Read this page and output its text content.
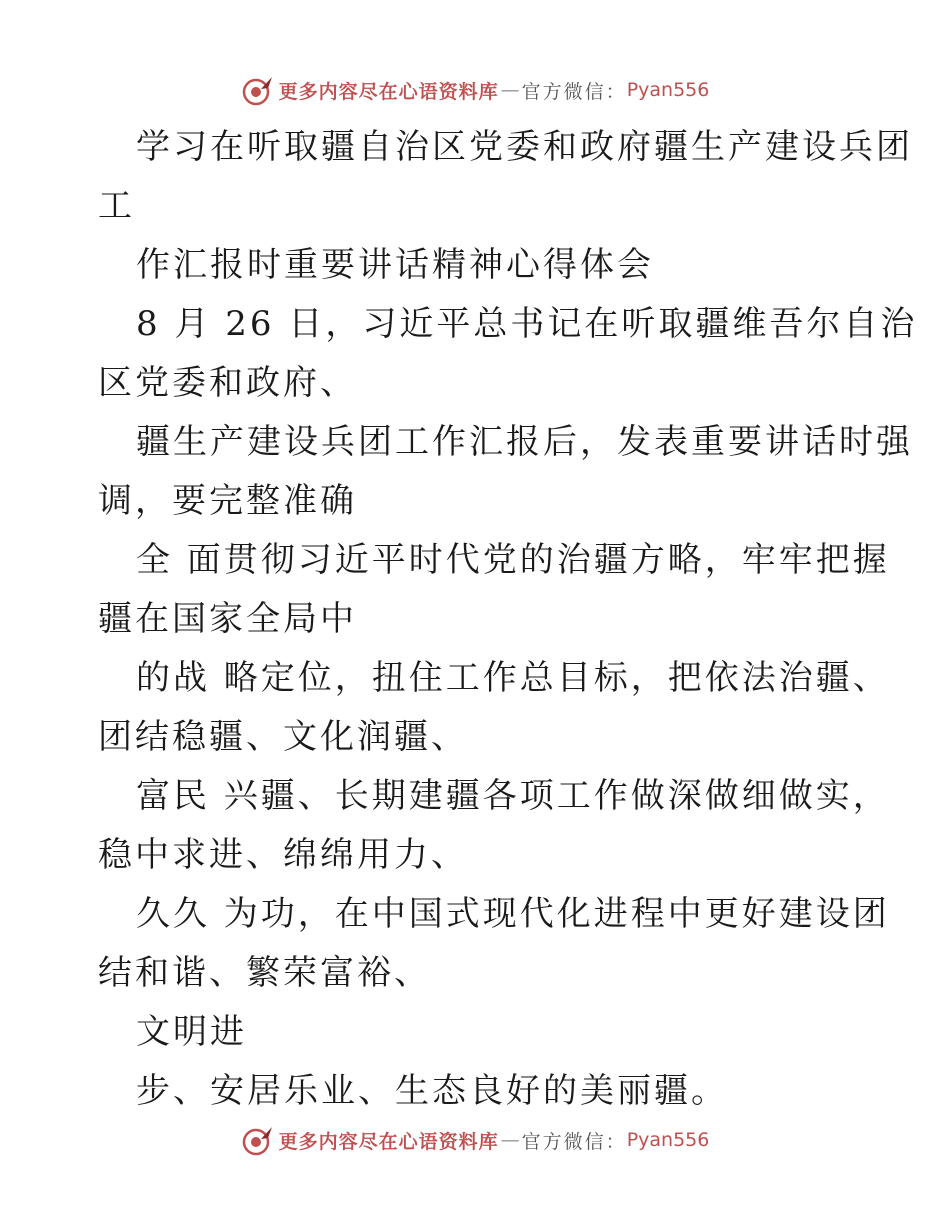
更多内容尽在心语资料库 — 官方微信： Pyan556
学习在听取疆自治区党委和政府疆生产建设兵团
工
作汇报时重要讲话精神心得体会
8 月 26 日，习近平总书记在听取疆维吾尔自治
区党委和政府、
疆生产建设兵团工作汇报后，发表重要讲话时强
调，要完整准确
全 面贯彻习近平时代党的治疆方略，牢牢把握
疆在国家全局中
的战 略定位，扭住工作总目标，把依法治疆、
团结稳疆、文化润疆、
富民 兴疆、长期建疆各项工作做深做细做实，
稳中求进、绵绵用力、
久久 为功，在中国式现代化进程中更好建设团
结和谐、繁荣富裕、
文明进
步、安居乐业、生态良好的美丽疆。
更多内容尽在心语资料库 — 官方微信： Pyan556
